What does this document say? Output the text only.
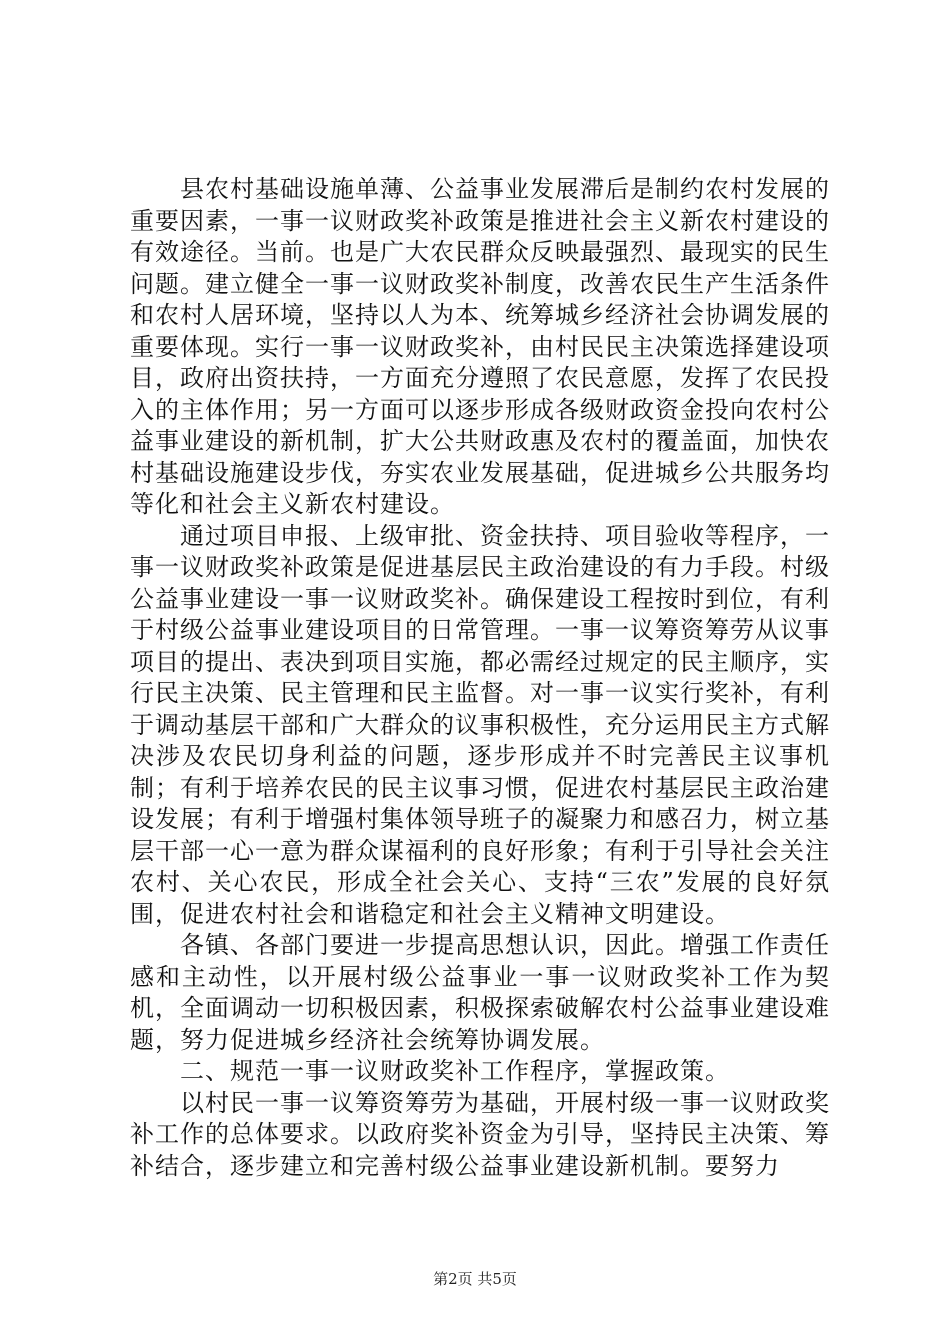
县农村基础设施单薄、公益事业发展滞后是制约农村发展的重要因素，一事一议财政奖补政策是推进社会主义新农村建设的有效途径。当前。也是广大农民群众反映最强烈、最现实的民生问题。建立健全一事一议财政奖补制度，改善农民生产生活条件和农村人居环境，坚持以人为本、统筹城乡经济社会协调发展的重要体现。实行一事一议财政奖补，由村民民主决策选择建设项目，政府出资扶持，一方面充分遵照了农民意愿，发挥了农民投入的主体作用；另一方面可以逐步形成各级财政资金投向农村公益事业建设的新机制，扩大公共财政惠及农村的覆盖面，加快农村基础设施建设步伐，夯实农业发展基础，促进城乡公共服务均等化和社会主义新农村建设。

通过项目申报、上级审批、资金扶持、项目验收等程序，一事一议财政奖补政策是促进基层民主政治建设的有力手段。村级公益事业建设一事一议财政奖补。确保建设工程按时到位，有利于村级公益事业建设项目的日常管理。一事一议筹资筹劳从议事项目的提出、表决到项目实施，都必需经过规定的民主顺序，实行民主决策、民主管理和民主监督。对一事一议实行奖补，有利于调动基层干部和广大群众的议事积极性，充分运用民主方式解决涉及农民切身利益的问题，逐步形成并不时完善民主议事机制；有利于培养农民的民主议事习惯，促进农村基层民主政治建设发展；有利于增强村集体领导班子的凝聚力和感召力，树立基层干部一心一意为群众谋福利的良好形象；有利于引导社会关注农村、关心农民，形成全社会关心、支持“三农”发展的良好氛围，促进农村社会和谐稳定和社会主义精神文明建设。

各镇、各部门要进一步提高思想认识，因此。增强工作责任感和主动性，以开展村级公益事业一事一议财政奖补工作为契机，全面调动一切积极因素，积极探索破解农村公益事业建设难题，努力促进城乡经济社会统筹协调发展。

二、规范一事一议财政奖补工作程序，掌握政策。

以村民一事一议筹资筹劳为基础，开展村级一事一议财政奖补工作的总体要求。以政府奖补资金为引导，坚持民主决策、筹补结合，逐步建立和完善村级公益事业建设新机制。要努力

第2页 共5页
